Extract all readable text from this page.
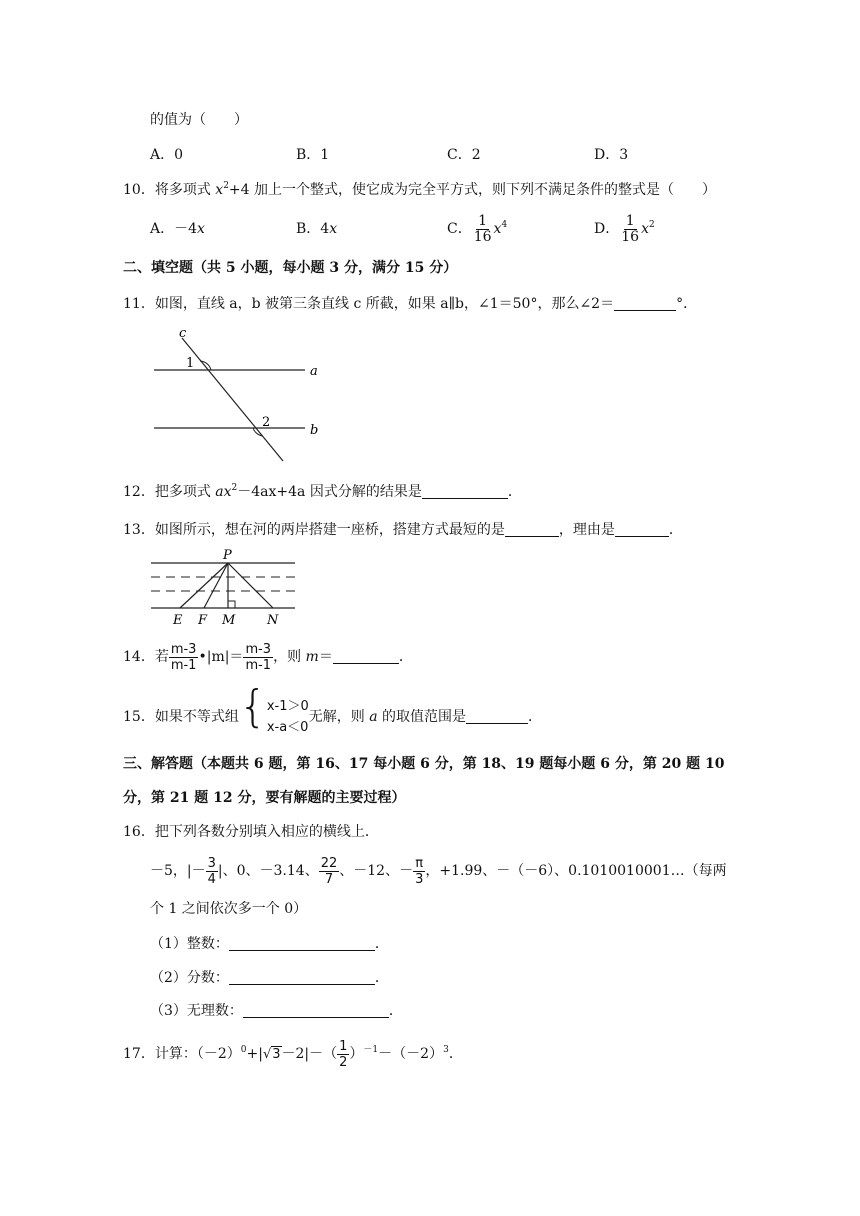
的值为（　　）
A．0	B．1	C．2	D．3
10．将多项式 $x^2+4$ 加上一个整式，使它成为完全平方式，则下列不满足条件的整式是（　　）
A．－4x	B．4x	C． $\frac{1}{16} x^4$	D． $\frac{1}{16} x^2$
二、填空题（共 5 小题，每小题 3 分，满分 15 分）
11．如图，直线 a，b 被第三条直线 c 所截，如果 a∥b，∠1＝50°，那么∠2＝	°．
c
1
a
2
b
12．把多项式 $ax^2-4ax+4a$ 因式分解的结果是	．
13．如图所示，想在河的两岸搭建一座桥，搭建方式最短的是	，理由是	．
P
E F M N
14．若 $\frac{m-3}{m-1}$ •|m|＝ $\frac{m-3}{m-1}$ ，则 m＝	．
15．如果不等式组{ x-1＞0
x-a＜0
无解，则 a 的取值范围是	．
三、解答题（本题共 6 题，第 16、17 每小题 6 分，第 18、19 题每小题 6 分，第 20 题 10
分，第 21 题 12 分，要有解题的主要过程）
16．把下列各数分别填入相应的横线上．
－5，|－ $\frac{3}{4}$ |、0、－3.14、 $\frac{22}{7}$ 、－12、－ $\frac{\pi}{3}$ ，+1.99、－（－6）、0.1010010001…（每两
个 1 之间依次多一个 0）
（1）整数：	．
（2）分数：	．
（3）无理数：	．
17．计算：$(-2)^0+|√3-2|-( \frac{1}{2} )^{-1}-(-2)^3$．
